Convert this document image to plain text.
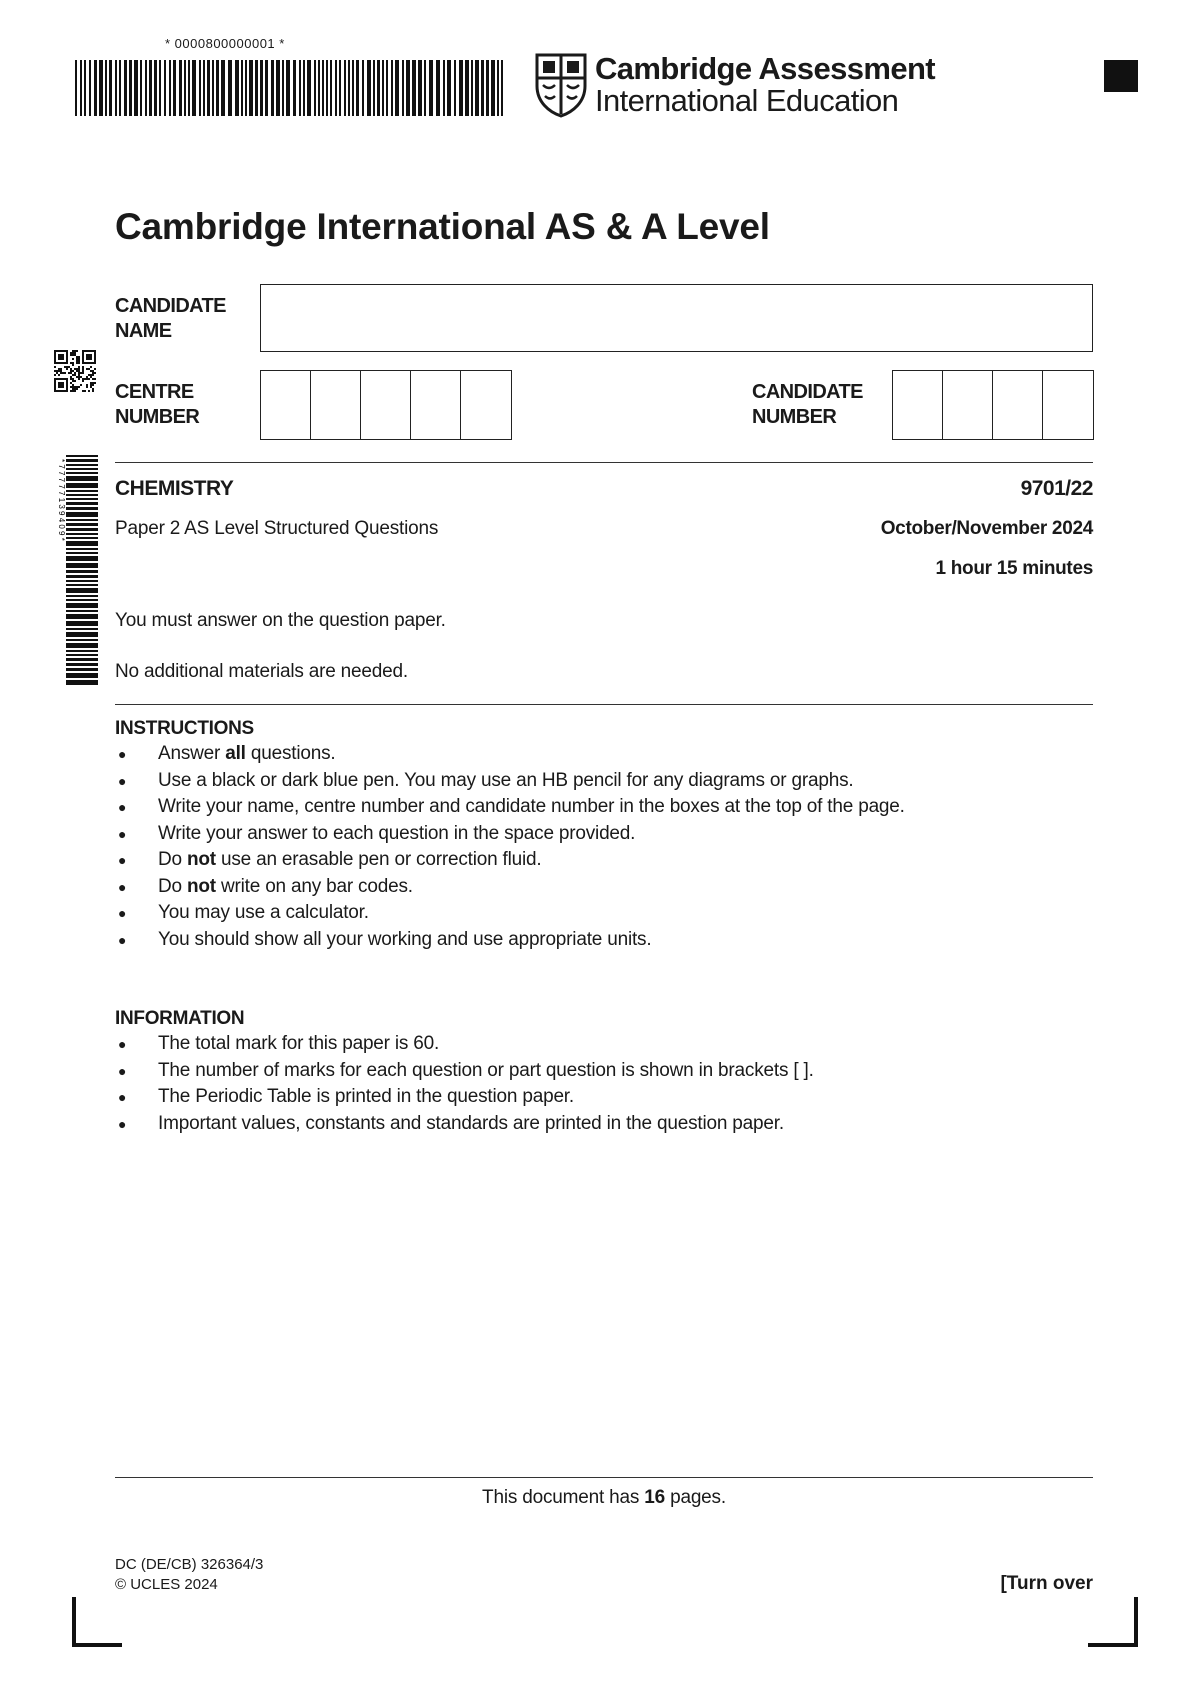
* 0000800000001 *
Cambridge Assessment
International Education
Cambridge International AS & A Level
* 7 7 7 7 7 1 3 9 4 0 9 *
CANDIDATE
NAME
CENTRE
NUMBER
CANDIDATE
NUMBER
CHEMISTRY	9701/22
Paper 2 AS Level Structured Questions	October/November 2024
1 hour 15 minutes
You must answer on the question paper.
No additional materials are needed.
INSTRUCTIONS
● Answer all questions.
● Use a black or dark blue pen. You may use an HB pencil for any diagrams or graphs.
● Write your name, centre number and candidate number in the boxes at the top of the page.
● Write your answer to each question in the space provided.
● Do not use an erasable pen or correction fluid.
● Do not write on any bar codes.
● You may use a calculator.
● You should show all your working and use appropriate units.
INFORMATION
● The total mark for this paper is 60.
● The number of marks for each question or part question is shown in brackets [ ].
● The Periodic Table is printed in the question paper.
● Important values, constants and standards are printed in the question paper.
This document has 16 pages.
DC (DE/CB) 326364/3
© UCLES 2024	[Turn over
